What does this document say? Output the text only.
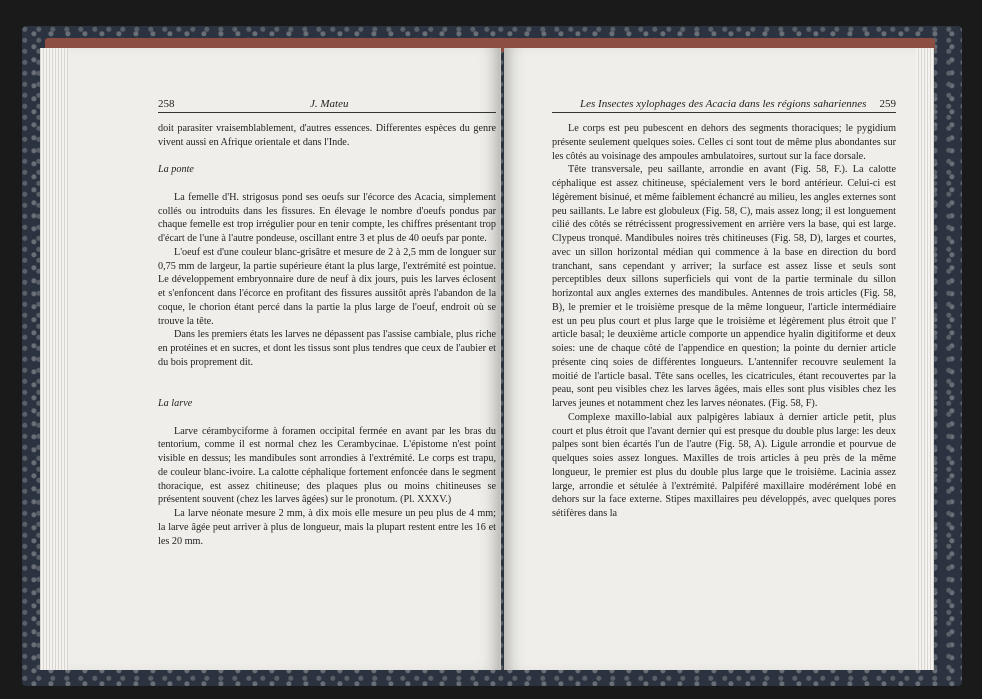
258	J. Mateu

doit parasiter vraisemblablement, d'autres essences. Differentes espèces du genre vivent aussi en Afrique orientale et dans l'Inde.

La ponte

La femelle d'H. strigosus pond ses oeufs sur l'écorce des Acacia, simplement collés ou introduits dans les fissures. En élevage le nombre d'oeufs pondus par chaque femelle est trop irrégulier pour en tenir compte, les chiffres présentant trop d'écart de l'une à l'autre pondeuse, oscillant entre 3 et plus de 40 oeufs par ponte.

L'oeuf est d'une couleur blanc-grisâtre et mesure de 2 à 2,5 mm de longuer sur 0,75 mm de largeur, la partie supérieure étant la plus large, l'extrémité est pointue. Le développement embryonnaire dure de neuf à dix jours, puis les larves éclosent et s'enfoncent dans l'écorce en profitant des fissures aussitôt après l'abandon de la coque, le chorion étant percé dans la partie la plus large de l'oeuf, endroit où se trouve la tête.

Dans les premiers états les larves ne dépassent pas l'assise cambiale, plus riche en protéines et en sucres, et dont les tissus sont plus tendres que ceux de l'aubier et du bois proprement dit.

La larve

Larve cérambyciforme à foramen occipital fermée en avant par les bras du tentorium, comme il est normal chez les Cerambycinae. L'épistome n'est point visible en dessus; les mandibules sont arrondies à l'extrémité. Le corps est trapu, de couleur blanc-ivoire. La calotte céphalique fortement enfoncée dans le segment thoracique, est assez chitineuse; des plaques plus ou moins chitineuses se présentent souvent (chez les larves âgées) sur le pronotum. (Pl. XXXV.)

La larve néonate mesure 2 mm, à dix mois elle mesure un peu plus de 4 mm; la larve âgée peut arriver à plus de longueur, mais la plupart restent entre les 16 et les 20 mm.

Les Insectes xylophages des Acacia dans les régions sahariennes 259

Le corps est peu pubescent en dehors des segments thoraciques; le pygidium présente seulement quelques soies. Celles ci sont tout de même plus abondantes sur les côtés au voisinage des ampoules ambulatoires, surtout sur la face dorsale.

Tête transversale, peu saillante, arrondie en avant (Fig. 58, F.). La calotte céphalique est assez chitineuse, spécialement vers le bord antérieur. Celui-ci est légèrement bisinué, et même faiblement échancré au milieu, les angles externes sont peu saillants. Le labre est globuleux (Fig. 58, C), mais assez long; il est longuement cilié des côtés se rétrécissent progressivement en arrière vers la base, qui est large. Clypeus tronqué. Mandibules noires très chitineuses (Fig. 58, D), larges et courtes, avec un sillon horizontal médian qui commence à la base en direction du bord tranchant, sans cependant y arriver; la surface est assez lisse et seuls sont perceptibles deux sillons superficiels qui vont de la partie terminale du sillon horizontal aux angles externes des mandibules. Antennes de trois articles (Fig. 58, B), le premier et le troisième presque de la même longueur, l'article intermédiaire est un peu plus court et plus large que le troisième et légèrement plus étroit que l' article basal; le deuxième article comporte un appendice hyalin digitiforme et deux soies: une de chaque côté de l'appendice en question; la pointe du dernier article présente cinq soies de différentes longueurs. L'antennifer recouvre seulement la moitié de l'article basal. Tête sans ocelles, les cicatricules, étant recouvertes par la peau, sont peu visibles chez les larves âgées, mais elles sont plus visibles chez les larves jeunes et notamment chez les larves néonates. (Fig. 58, F).

Complexe maxillo-labial aux palpigères labiaux à dernier article petit, plus court et plus étroit que l'avant dernier qui est presque du double plus large: les deux palpes sont bien écartés l'un de l'autre (Fig. 58, A). Ligule arrondie et pourvue de quelques soies assez longues. Maxilles de trois articles à peu près de la même longueur, le premier est plus du double plus large que le troisième. Lacinia assez large, arrondie et sétulée à l'extrémité. Palpiféré maxillaire modérément lobé en dehors sur la face externe. Stipes maxillaires peu développés, avec quelques pores sétifères dans la
